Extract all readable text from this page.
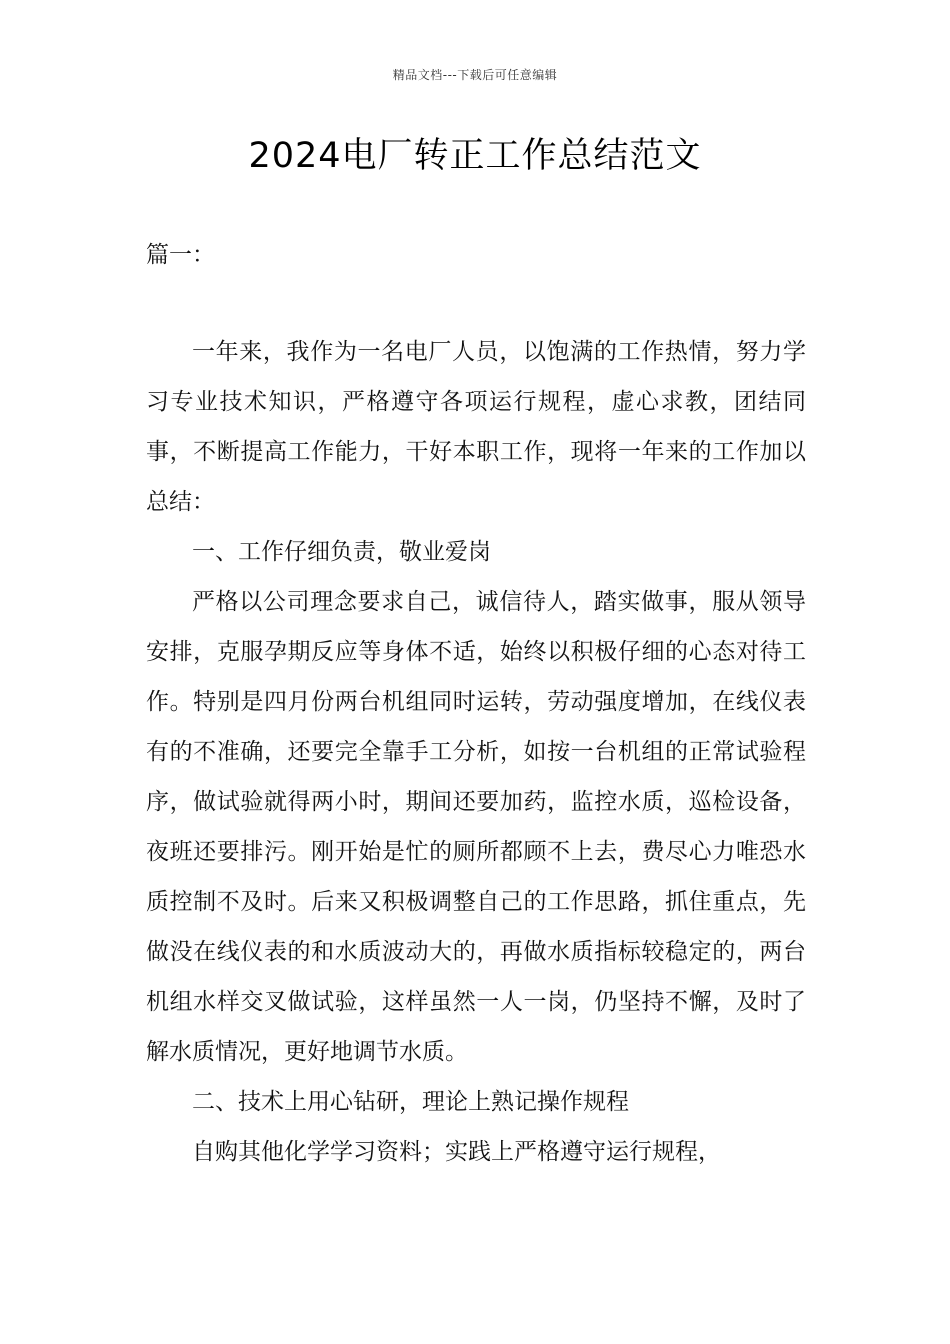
精品文档---下载后可任意编辑
2024电厂转正工作总结范文
篇一：

一年来，我作为一名电厂人员，以饱满的工作热情，努力学习专业技术知识，严格遵守各项运行规程，虚心求教，团结同事，不断提高工作能力，干好本职工作，现将一年来的工作加以总结：

一、工作仔细负责，敬业爱岗

严格以公司理念要求自己，诚信待人，踏实做事，服从领导安排，克服孕期反应等身体不适，始终以积极仔细的心态对待工作。特别是四月份两台机组同时运转，劳动强度增加，在线仪表有的不准确，还要完全靠手工分析，如按一台机组的正常试验程序，做试验就得两小时，期间还要加药，监控水质，巡检设备，夜班还要排污。刚开始是忙的厕所都顾不上去，费尽心力唯恐水质控制不及时。后来又积极调整自己的工作思路，抓住重点，先做没在线仪表的和水质波动大的，再做水质指标较稳定的，两台机组水样交叉做试验，这样虽然一人一岗，仍坚持不懈，及时了解水质情况，更好地调节水质。

二、技术上用心钻研，理论上熟记操作规程

自购其他化学学习资料；实践上严格遵守运行规程，
